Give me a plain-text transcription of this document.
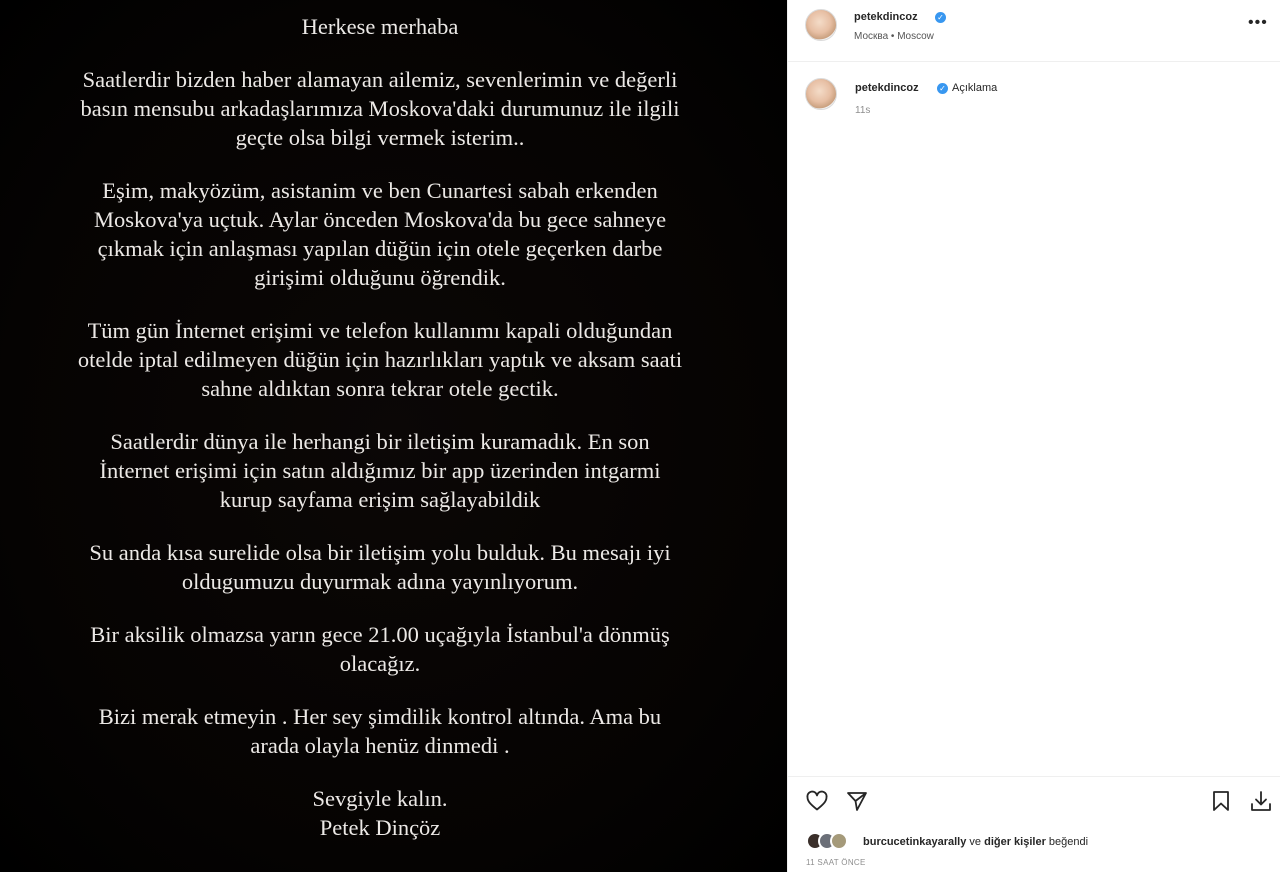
Herkese merhaba

Saatlerdir bizden haber alamayan ailemiz, sevenlerimin ve değerli
basın mensubu arkadaşlarımıza Moskova'daki durumunuz ile ilgili
geçte olsa bilgi vermek isterim..

Eşim, makyözüm, asistanim ve ben Cunartesi sabah erkenden
Moskova'ya uçtuk. Aylar önceden Moskova'da bu gece sahneye
çıkmak için anlaşması yapılan düğün için otele geçerken darbe
girişimi olduğunu öğrendik.

Tüm gün İnternet erişimi ve telefon kullanımı kapali olduğundan
otelde iptal edilmeyen düğün için hazırlıkları yaptık ve aksam saati
sahne aldıktan sonra tekrar otele gectik.

Saatlerdir dünya ile herhangi bir iletişim kuramadık. En son
İnternet erişimi için satın aldığımız bir app üzerinden intgarmi
kurup sayfama erişim sağlayabildik

Su anda kısa surelide olsa bir iletişim yolu bulduk. Bu mesajı iyi
oldugumuzu duyurmak adına yayınlıyorum.

Bir aksilik olmazsa yarın gece 21.00 uçağıyla İstanbul'a dönmüş
olacağız.

Bizi merak etmeyin . Her sey şimdilik kontrol altında. Ama bu
arada olayla henüz dinmedi .

Sevgiyle kalın.
Petek Dinçöz

petekdincoz ✓
Москва • Moscow
•••
petekdincoz	✓ Açıklama
11s
burcucetinkayarally ve diğer kişiler beğendi
11 SAAT ÖNCE
